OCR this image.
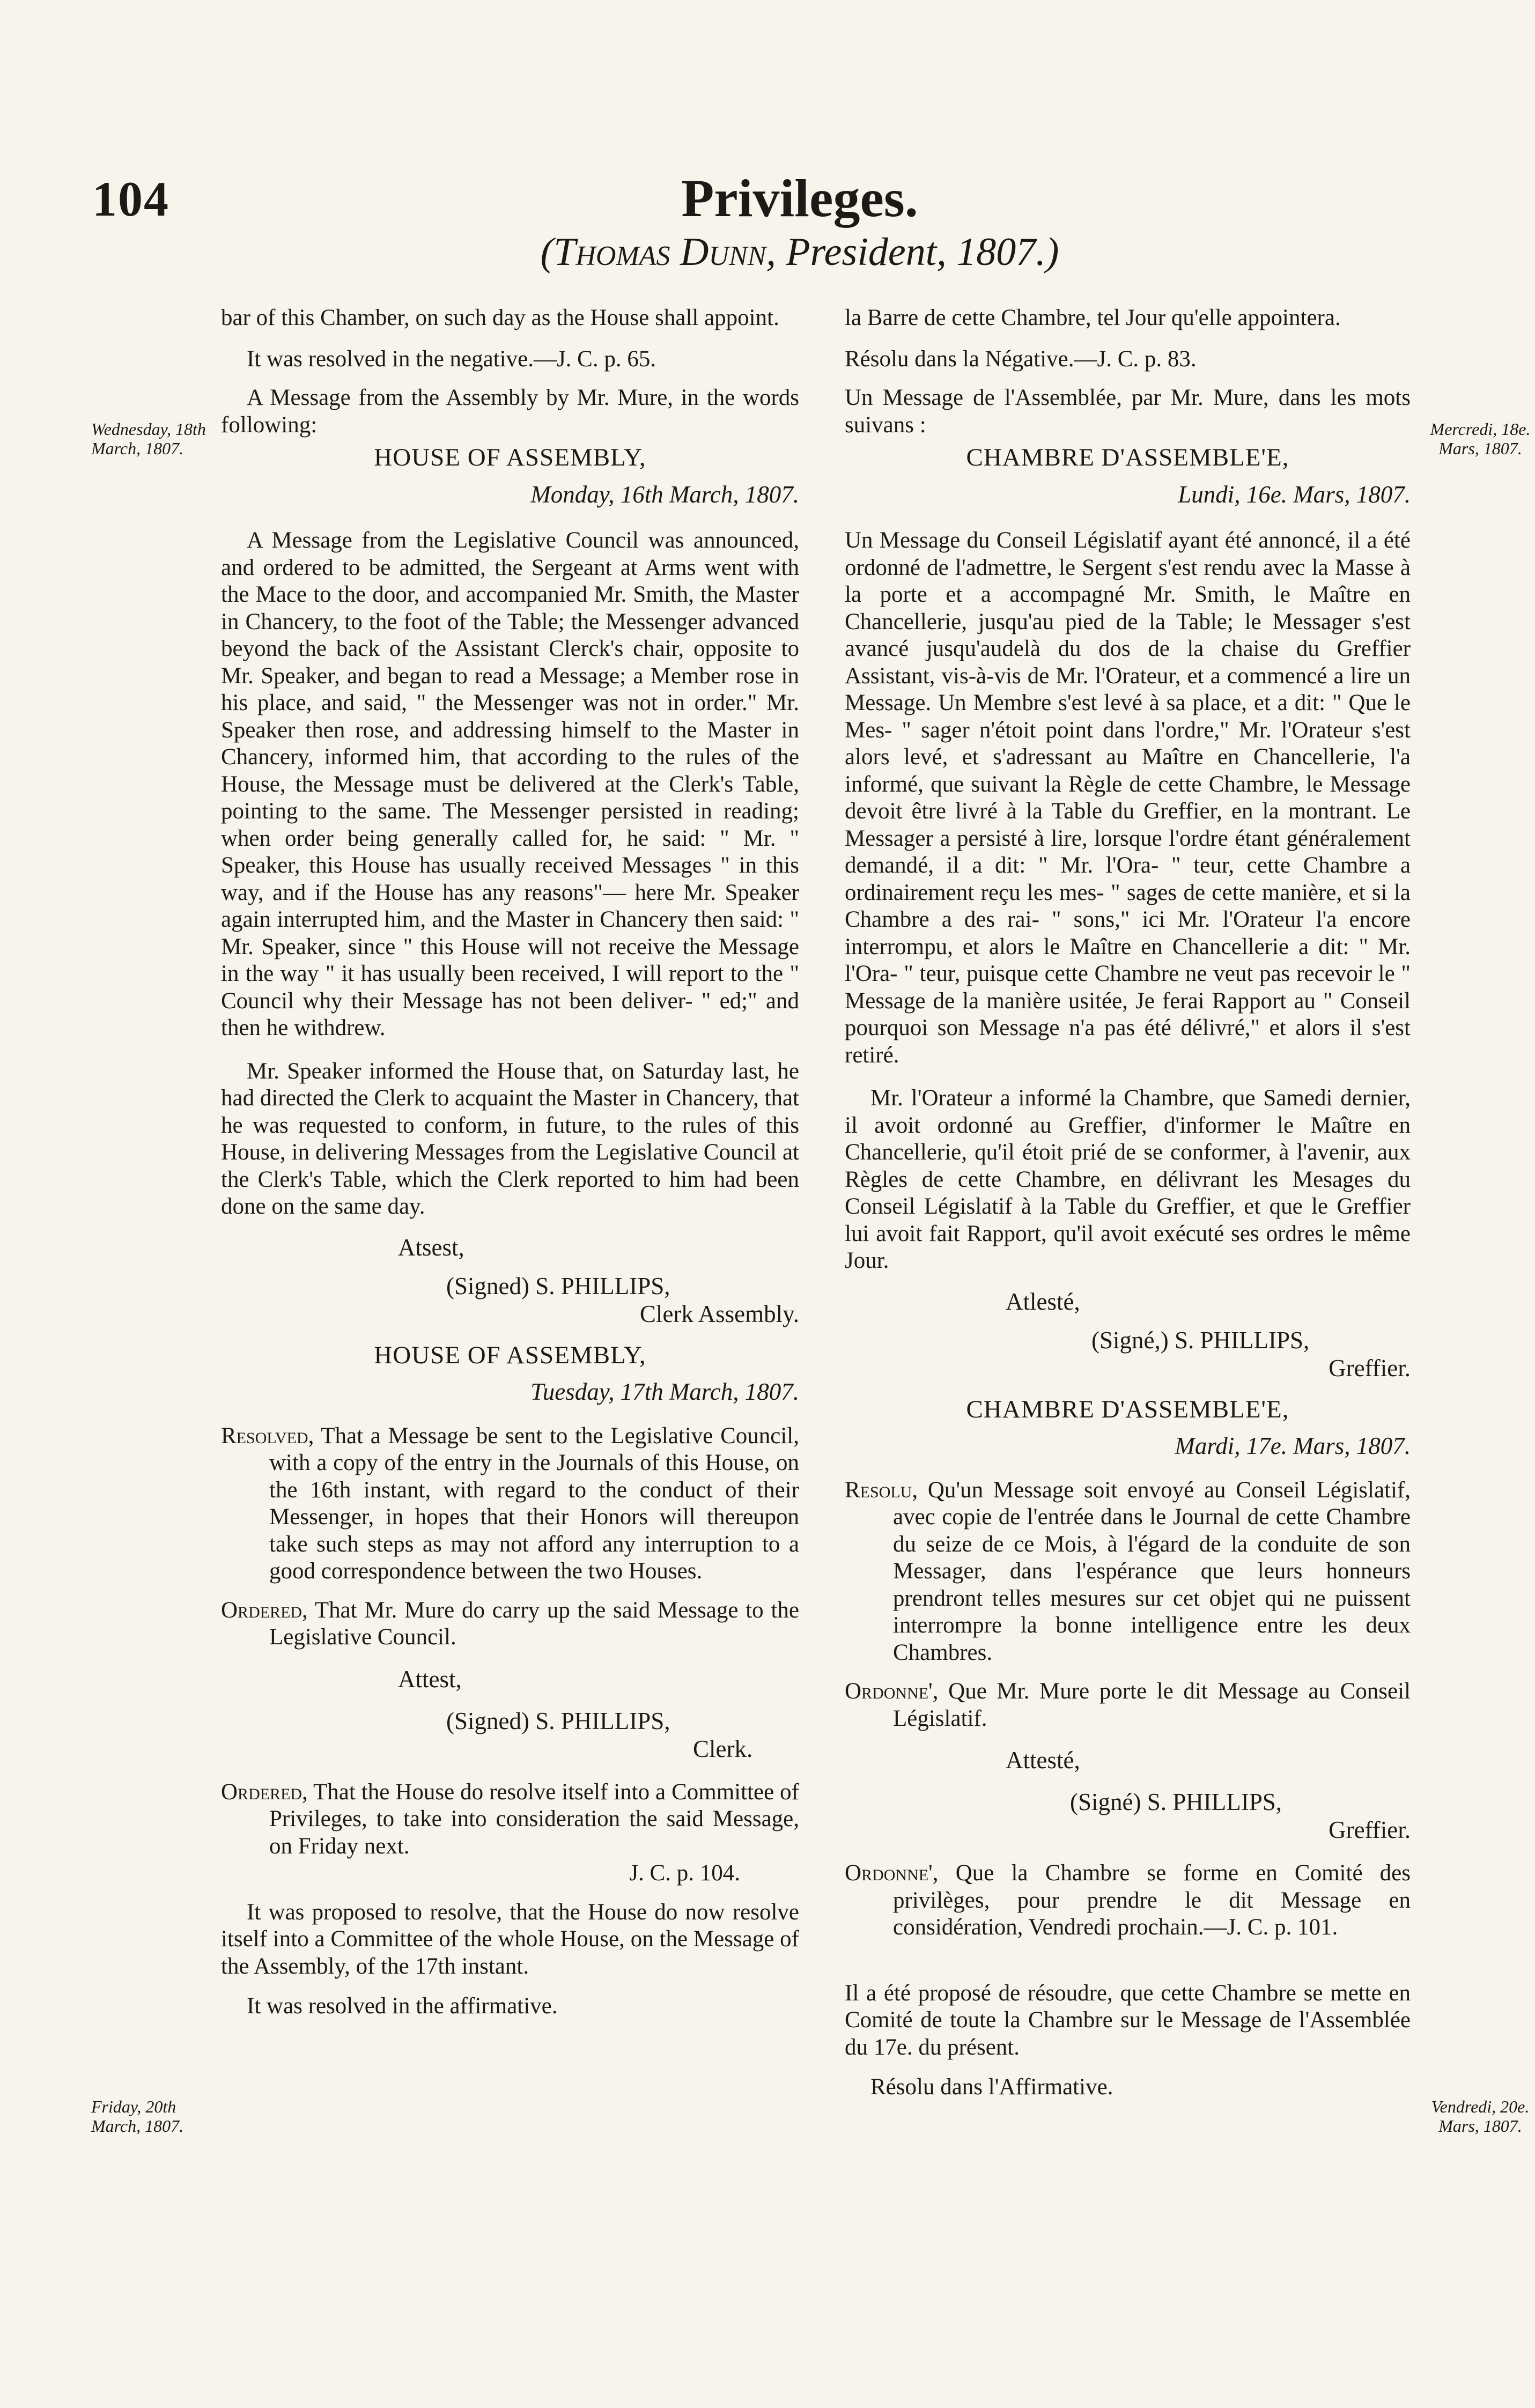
104	Privileges.
(Thomas Dunn, President, 1807.)
Wednesday, 18th March, 1807.
Mercredi, 18e. Mars, 1807.
Friday, 20th March, 1807.
Vendredi, 20e. Mars, 1807.

bar of this Chamber, on such day as the House shall appoint.

It was resolved in the negative.—J. C. p. 65.

A Message from the Assembly by Mr. Mure, in the words following:

HOUSE OF ASSEMBLY,

Monday, 16th March, 1807.

A Message from the Legislative Council was announced, and ordered to be admitted, the Sergeant at Arms went with the Mace to the door, and accompanied Mr. Smith, the Master in Chancery, to the foot of the Table; the Messenger advanced beyond the back of the Assistant Clerck's chair, opposite to Mr. Speaker, and began to read a Message; a Member rose in his place, and said, " the Messenger was not in order." Mr. Speaker then rose, and addressing himself to the Master in Chancery, informed him, that according to the rules of the House, the Message must be delivered at the Clerk's Table, pointing to the same. The Messenger persisted in reading; when order being generally called for, he said: " Mr. " Speaker, this House has usually received Messages " in this way, and if the House has any reasons"— here Mr. Speaker again interrupted him, and the Master in Chancery then said: " Mr. Speaker, since " this House will not receive the Message in the way " it has usually been received, I will report to the " Council why their Message has not been deliver- " ed;" and then he withdrew.

Mr. Speaker informed the House that, on Saturday last, he had directed the Clerk to acquaint the Master in Chancery, that he was requested to conform, in future, to the rules of this House, in delivering Messages from the Legislative Council at the Clerk's Table, which the Clerk reported to him had been done on the same day.

Atsest,

(Signed) S. PHILLIPS,

Clerk Assembly.

HOUSE OF ASSEMBLY,

Tuesday, 17th March, 1807.

Resolved, That a Message be sent to the Legislative Council, with a copy of the entry in the Journals of this House, on the 16th instant, with regard to the conduct of their Messenger, in hopes that their Honors will thereupon take such steps as may not afford any interruption to a good correspondence between the two Houses.

Ordered, That Mr. Mure do carry up the said Message to the Legislative Council.

Attest,

(Signed) S. PHILLIPS,

Clerk.

Ordered, That the House do resolve itself into a Committee of Privileges, to take into consideration the said Message, on Friday next.

J. C. p. 104.

It was proposed to resolve, that the House do now resolve itself into a Committee of the whole House, on the Message of the Assembly, of the 17th instant.

It was resolved in the affirmative.

la Barre de cette Chambre, tel Jour qu'elle appointera.

Résolu dans la Négative.—J. C. p. 83.

Un Message de l'Assemblée, par Mr. Mure, dans les mots suivans :

CHAMBRE D'ASSEMBLE'E,

Lundi, 16e. Mars, 1807.

Un Message du Conseil Législatif ayant été annoncé, il a été ordonné de l'admettre, le Sergent s'est rendu avec la Masse à la porte et a accompagné Mr. Smith, le Maître en Chancellerie, jusqu'au pied de la Table; le Messager s'est avancé jusqu'audelà du dos de la chaise du Greffier Assistant, vis-à-vis de Mr. l'Orateur, et a commencé a lire un Message. Un Membre s'est levé à sa place, et a dit: " Que le Mes- " sager n'étoit point dans l'ordre," Mr. l'Orateur s'est alors levé, et s'adressant au Maître en Chancellerie, l'a informé, que suivant la Règle de cette Chambre, le Message devoit être livré à la Table du Greffier, en la montrant. Le Messager a persisté à lire, lorsque l'ordre étant généralement demandé, il a dit: " Mr. l'Ora- " teur, cette Chambre a ordinairement reçu les mes- " sages de cette manière, et si la Chambre a des rai- " sons," ici Mr. l'Orateur l'a encore interrompu, et alors le Maître en Chancellerie a dit: " Mr. l'Ora- " teur, puisque cette Chambre ne veut pas recevoir le " Message de la manière usitée, Je ferai Rapport au " Conseil pourquoi son Message n'a pas été délivré," et alors il s'est retiré.

Mr. l'Orateur a informé la Chambre, que Samedi dernier, il avoit ordonné au Greffier, d'informer le Maître en Chancellerie, qu'il étoit prié de se conformer, à l'avenir, aux Règles de cette Chambre, en délivrant les Mesages du Conseil Législatif à la Table du Greffier, et que le Greffier lui avoit fait Rapport, qu'il avoit exécuté ses ordres le même Jour.

Atlesté,

(Signé,) S. PHILLIPS,

Greffier.

CHAMBRE D'ASSEMBLE'E,

Mardi, 17e. Mars, 1807.

Resolu, Qu'un Message soit envoyé au Conseil Législatif, avec copie de l'entrée dans le Journal de cette Chambre du seize de ce Mois, à l'égard de la conduite de son Messager, dans l'espérance que leurs honneurs prendront telles mesures sur cet objet qui ne puissent interrompre la bonne intelligence entre les deux Chambres.

Ordonne', Que Mr. Mure porte le dit Message au Conseil Législatif.

Attesté,

(Signé) S. PHILLIPS,

Greffier.

Ordonne', Que la Chambre se forme en Comité des privilèges, pour prendre le dit Message en considération, Vendredi prochain.—J. C. p. 101.

Il a été proposé de résoudre, que cette Chambre se mette en Comité de toute la Chambre sur le Message de l'Assemblée du 17e. du présent.

Résolu dans l'Affirmative.
